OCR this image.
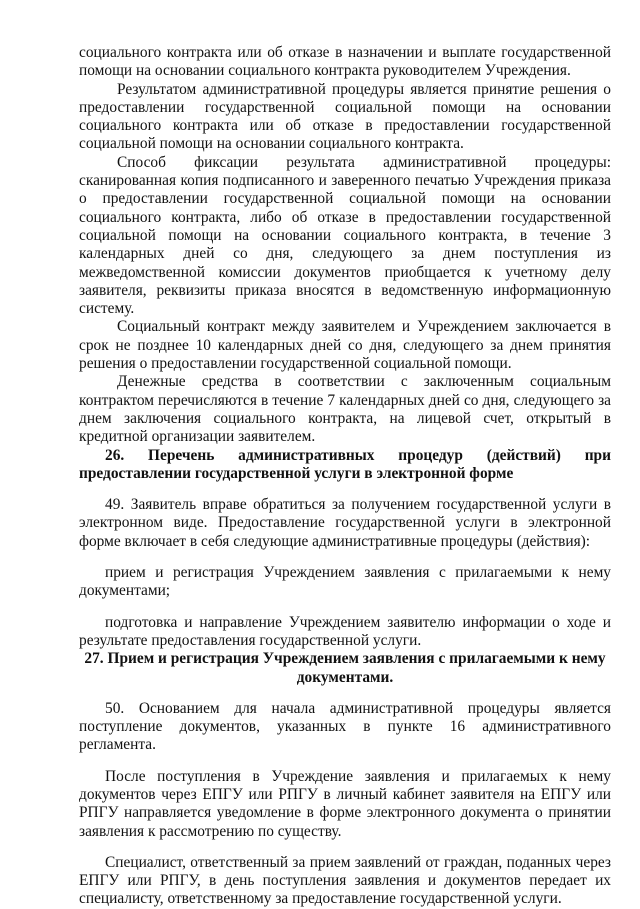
социального контракта или об отказе в назначении и выплате государственной помощи на основании социального контракта руководителем Учреждения.

Результатом административной процедуры является принятие решения о предоставлении государственной социальной помощи на основании социального контракта или об отказе в предоставлении государственной социальной помощи на основании социального контракта.

Способ фиксации результата административной процедуры: сканированная копия подписанного и заверенного печатью Учреждения приказа о предоставлении государственной социальной помощи на основании социального контракта, либо об отказе в предоставлении государственной социальной помощи на основании социального контракта, в течение 3 календарных дней со дня, следующего за днем поступления из межведомственной комиссии документов приобщается к учетному делу заявителя, реквизиты приказа вносятся в ведомственную информационную систему.

Социальный контракт между заявителем и Учреждением заключается в срок не позднее 10 календарных дней со дня, следующего за днем принятия решения о предоставлении государственной социальной помощи.

Денежные средства в соответствии с заключенным социальным контрактом перечисляются в течение 7 календарных дней со дня, следующего за днем заключения социального контракта, на лицевой счет, открытый в кредитной организации заявителем.

26. Перечень административных процедур (действий) при предоставлении государственной услуги в электронной форме

49. Заявитель вправе обратиться за получением государственной услуги в электронном виде. Предоставление государственной услуги в электронной форме включает в себя следующие административные процедуры (действия):

прием и регистрация Учреждением заявления с прилагаемыми к нему документами;

подготовка и направление Учреждением заявителю информации о ходе и результате предоставления государственной услуги.

27. Прием и регистрация Учреждением заявления с прилагаемыми к нему документами.

50. Основанием для начала административной процедуры является поступление документов, указанных в пункте 16 административного регламента.

После поступления в Учреждение заявления и прилагаемых к нему документов через ЕПГУ или РПГУ в личный кабинет заявителя на ЕПГУ или РПГУ направляется уведомление в форме электронного документа о принятии заявления к рассмотрению по существу.

Специалист, ответственный за прием заявлений от граждан, поданных через ЕПГУ или РПГУ, в день поступления заявления и документов передает их специалисту, ответственному за предоставление государственной услуги.
